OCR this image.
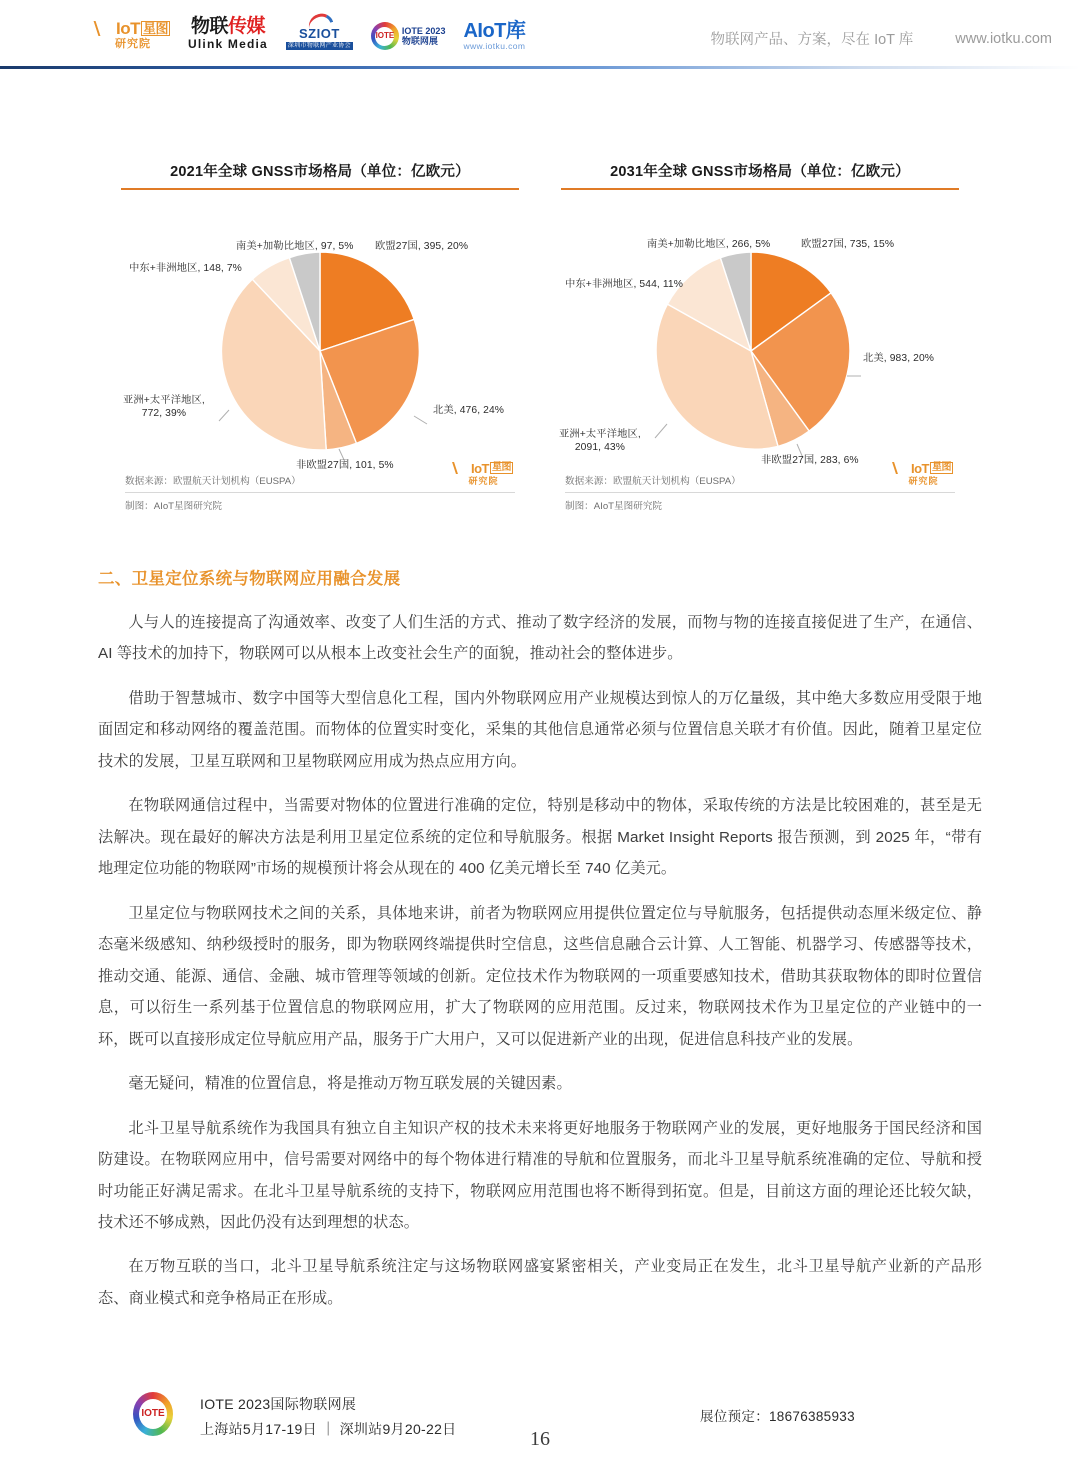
IoT 星图
研究院
物联传媒
Ulink Media
SZIOT
深圳市物联网产业协会
IOTE IOTE 2023
物联网展	AIoT库
www.iotku.com	物联网产品、方案，尽在 IoT 库	www.iotku.com
2021年全球 GNSS市场格局（单位：亿欧元）
欧盟27国, 395, 20%
北美, 476, 24%
非欧盟27国, 101, 5%
亚洲+太平洋地区,
772, 39%
中东+非洲地区, 148, 7%
南美+加勒比地区, 97, 5%
数据来源：欧盟航天计划机构（EUSPA）
制图：AIoT星图研究院
IoT 星图
研究院
2031年全球 GNSS市场格局（单位：亿欧元）
欧盟27国, 735, 15%
北美, 983, 20%
非欧盟27国, 283, 6%
亚洲+太平洋地区,
2091, 43%
中东+非洲地区, 544, 11%
南美+加勒比地区, 266, 5%
数据来源：欧盟航天计划机构（EUSPA）
制图：AIoT星图研究院
IoT 星图
研究院
二、卫星定位系统与物联网应用融合发展

人与人的连接提高了沟通效率、改变了人们生活的方式、推动了数字经济的发展，而物与物的连接直接促进了生产，在通信、AI 等技术的加持下，物联网可以从根本上改变社会生产的面貌，推动社会的整体进步。

借助于智慧城市、数字中国等大型信息化工程，国内外物联网应用产业规模达到惊人的万亿量级，其中绝大多数应用受限于地面固定和移动网络的覆盖范围。而物体的位置实时变化，采集的其他信息通常必须与位置信息关联才有价值。因此，随着卫星定位技术的发展，卫星互联网和卫星物联网应用成为热点应用方向。

在物联网通信过程中，当需要对物体的位置进行准确的定位，特别是移动中的物体，采取传统的方法是比较困难的，甚至是无法解决。现在最好的解决方法是利用卫星定位系统的定位和导航服务。根据 Market Insight Reports 报告预测，到 2025 年，“带有地理定位功能的物联网”市场的规模预计将会从现在的 400 亿美元增长至 740 亿美元。

卫星定位与物联网技术之间的关系，具体地来讲，前者为物联网应用提供位置定位与导航服务，包括提供动态厘米级定位、静态毫米级感知、纳秒级授时的服务，即为物联网终端提供时空信息，这些信息融合云计算、人工智能、机器学习、传感器等技术，推动交通、能源、通信、金融、城市管理等领域的创新。定位技术作为物联网的一项重要感知技术，借助其获取物体的即时位置信息，可以衍生一系列基于位置信息的物联网应用，扩大了物联网的应用范围。反过来，物联网技术作为卫星定位的产业链中的一环，既可以直接形成定位导航应用产品，服务于广大用户，又可以促进新产业的出现，促进信息科技产业的发展。

毫无疑问，精准的位置信息，将是推动万物互联发展的关键因素。

北斗卫星导航系统作为我国具有独立自主知识产权的技术未来将更好地服务于物联网产业的发展，更好地服务于国民经济和国防建设。在物联网应用中，信号需要对网络中的每个物体进行精准的导航和位置服务，而北斗卫星导航系统准确的定位、导航和授时功能正好满足需求。在北斗卫星导航系统的支持下，物联网应用范围也将不断得到拓宽。但是，目前这方面的理论还比较欠缺，技术还不够成熟，因此仍没有达到理想的状态。

在万物互联的当口，北斗卫星导航系统注定与这场物联网盛宴紧密相关，产业变局正在发生，北斗卫星导航产业新的产品形态、商业模式和竞争格局正在形成。

IOTE
IOTE 2023国际物联网展
上海站5月17-19日 ｜ 深圳站9月20-22日
展位预定：18676385933
16
